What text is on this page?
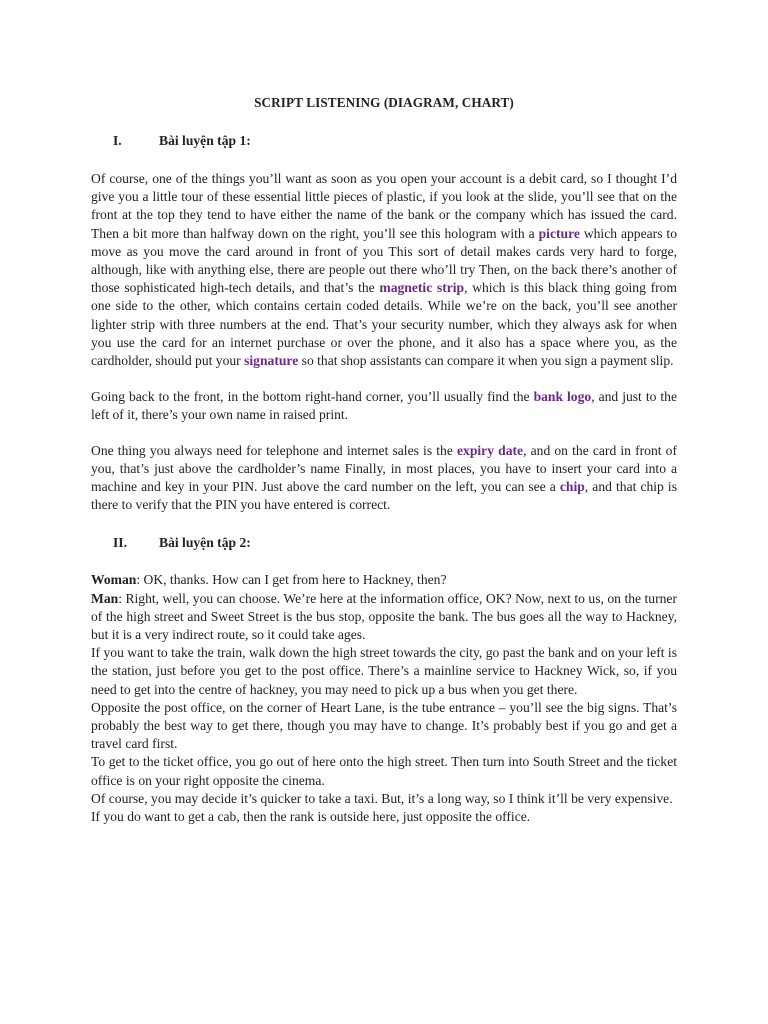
SCRIPT LISTENING (DIAGRAM, CHART)
I.	Bài luyện tập 1:

Of course, one of the things you’ll want as soon as you open your account is a debit card, so I thought I’d give you a little tour of these essential little pieces of plastic, if you look at the slide, you’ll see that on the front at the top they tend to have either the name of the bank or the company which has issued the card. Then a bit more than halfway down on the right, you’ll see this hologram with a picture which appears to move as you move the card around in front of you This sort of detail makes cards very hard to forge, although, like with anything else, there are people out there who’ll try Then, on the back there’s another of those sophisticated high-tech details, and that’s the magnetic strip, which is this black thing going from one side to the other, which contains certain coded details. While we’re on the back, you’ll see another lighter strip with three numbers at the end. That’s your security number, which they always ask for when you use the card for an internet purchase or over the phone, and it also has a space where you, as the cardholder, should put your signature so that shop assistants can compare it when you sign a payment slip.

Going back to the front, in the bottom right-hand corner, you’ll usually find the bank logo, and just to the left of it, there’s your own name in raised print.

One thing you always need for telephone and internet sales is the expiry date, and on the card in front of you, that’s just above the cardholder’s name Finally, in most places, you have to insert your card into a machine and key in your PIN. Just above the card number on the left, you can see a chip, and that chip is there to verify that the PIN you have entered is correct.

II.	Bài luyện tập 2:

Woman: OK, thanks. How can I get from here to Hackney, then?

Man: Right, well, you can choose. We’re here at the information office, OK? Now, next to us, on the turner of the high street and Sweet Street is the bus stop, opposite the bank. The bus goes all the way to Hackney, but it is a very indirect route, so it could take ages.

If you want to take the train, walk down the high street towards the city, go past the bank and on your left is the station, just before you get to the post office. There’s a mainline service to Hackney Wick, so, if you need to get into the centre of hackney, you may need to pick up a bus when you get there.

Opposite the post office, on the corner of Heart Lane, is the tube entrance – you’ll see the big signs. That’s probably the best way to get there, though you may have to change. It’s probably best if you go and get a travel card first.

To get to the ticket office, you go out of here onto the high street. Then turn into South Street and the ticket office is on your right opposite the cinema.

Of course, you may decide it’s quicker to take a taxi. But, it’s a long way, so I think it’ll be very expensive.

If you do want to get a cab, then the rank is outside here, just opposite the office.
